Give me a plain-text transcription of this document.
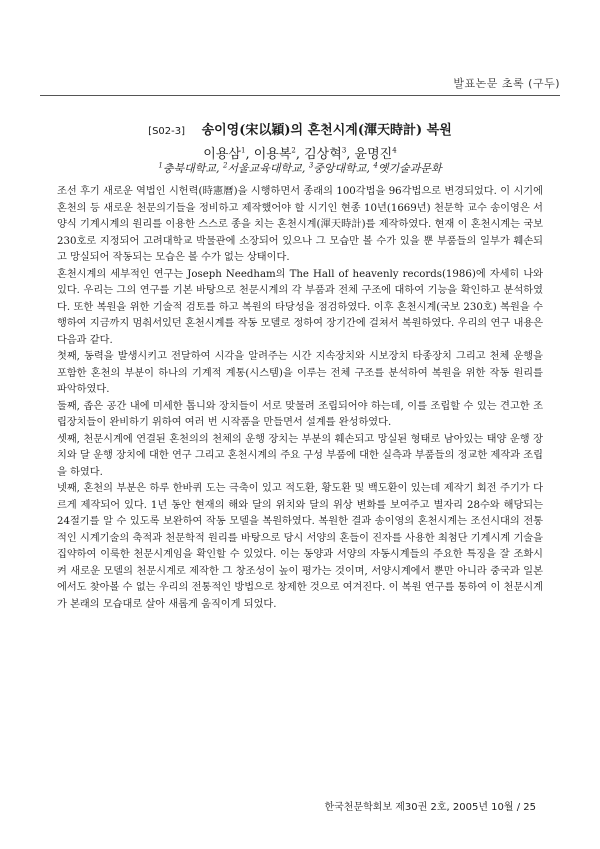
발표논문 초록 (구두)
[S02-3] 송이영(宋以穎)의 혼천시계(渾天時計) 복원
이용삼$^1$, 이용복$^2$, 김상혁$^3$, 윤명진$^4$
$^1$충북대학교, $^2$서울교육대학교, $^3$중앙대학교, $^4$옛기술과문화

조선 후기 새로운 역법인 시헌력(時憲曆)을 시행하면서 종래의 100각법을 96각법으로 변경되었다. 이 시기에 혼천의 등 새로운 천문의기들을 정비하고 제작했어야 할 시기인 현종 10년(1669년) 천문학 교수 송이영은 서양식 기계시계의 원리를 이용한 스스로 종을 치는 혼천시계(渾天時計)를 제작하였다. 현재 이 혼천시계는 국보 230호로 지정되어 고려대학교 박물관에 소장되어 있으나 그 모습만 볼 수가 있을 뿐 부품들의 일부가 훼손되고 망실되어 작동되는 모습은 볼 수가 없는 상태이다.

혼천시계의 세부적인 연구는 Joseph Needham의 The Hall of heavenly records(1986)에 자세히 나와 있다. 우리는 그의 연구를 기본 바탕으로 천문시계의 각 부품과 전체 구조에 대하여 기능을 확인하고 분석하였다. 또한 복원을 위한 기술적 검토를 하고 복원의 타당성을 점검하였다. 이후 혼천시계(국보 230호) 복원을 수행하여 지금까지 멈춰서있던 혼천시계를 작동 모델로 정하여 장기간에 걸쳐서 복원하였다. 우리의 연구 내용은 다음과 같다.

첫째, 동력을 발생시키고 전달하여 시각을 알려주는 시간 지속장치와 시보장치 타종장치 그리고 천체 운행을 포함한 혼천의 부분이 하나의 기계적 계통(시스템)을 이루는 전체 구조를 분석하여 복원을 위한 작동 원리를 파악하였다.

둘째, 좁은 공간 내에 미세한 톱니와 장치들이 서로 맞물려 조립되어야 하는데, 이를 조립할 수 있는 견고한 조립장치들이 완비하기 위하여 여러 번 시작품을 만들면서 설계를 완성하였다.

셋째, 천문시계에 연결된 혼천의의 천체의 운행 장치는 부분의 훼손되고 망실된 형태로 남아있는 태양 운행 장치와 달 운행 장치에 대한 연구 그리고 혼천시계의 주요 구성 부품에 대한 실측과 부품들의 정교한 제작과 조립을 하였다.

넷째, 혼천의 부분은 하루 한바퀴 도는 극축이 있고 적도환, 황도환 및 백도환이 있는데 제작기 회전 주기가 다르게 제작되어 있다. 1년 동안 현재의 해와 달의 위치와 달의 위상 변화를 보여주고 별자리 28수와 해당되는 24절기를 알 수 있도록 보완하여 작동 모델을 복원하였다. 복원한 결과 송이영의 혼천시계는 조선시대의 전통적인 시계기술의 축적과 천문학적 원리를 바탕으로 당시 서양의 혼들이 진자를 사용한 최첨단 기계시계 기술을 집약하여 이룩한 천문시계임을 확인할 수 있었다. 이는 동양과 서양의 자동시계들의 주요한 특징을 잘 조화시켜 새로운 모델의 천문시계로 제작한 그 창조성이 높이 평가는 것이며, 서양시계에서 뿐만 아니라 중국과 일본에서도 찾아볼 수 없는 우리의 전통적인 방법으로 창제한 것으로 여겨진다. 이 복원 연구를 통하여 이 천문시계가 본래의 모습대로 살아 새롭게 움직이게 되었다.

한국천문학회보 제30권 2호, 2005년 10월 / 25
